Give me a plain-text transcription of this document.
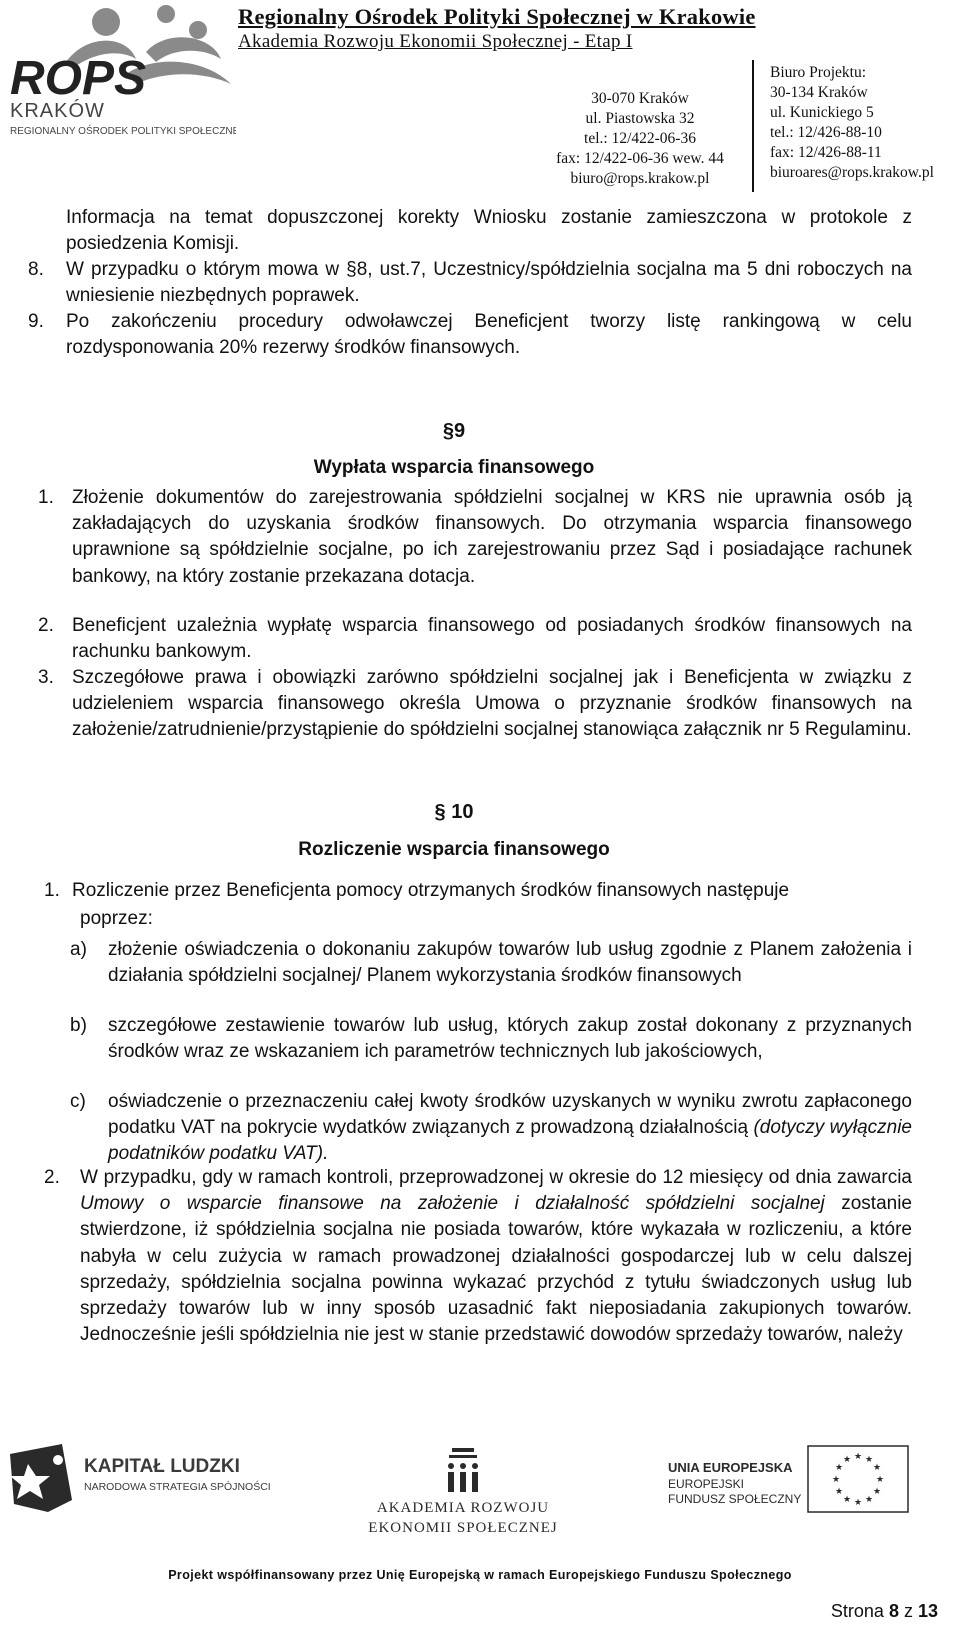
ROPS
KRAKÓW
REGIONALNY OŚRODEK POLITYKI SPOŁECZNEJ
Regionalny Ośrodek Polityki Społecznej w Krakowie
Akademia Rozwoju Ekonomii Społecznej - Etap I
30-070 Kraków
ul. Piastowska 32
tel.: 12/422-06-36
fax: 12/422-06-36 wew. 44
biuro@rops.krakow.pl
Biuro Projektu:
30-134 Kraków
ul. Kunickiego 5
tel.: 12/426-88-10
fax: 12/426-88-11
biuroares@rops.krakow.pl
Informacja na temat dopuszczonej korekty Wniosku zostanie zamieszczona w protokole z posiedzenia Komisji.
8. W przypadku o którym mowa w §8, ust.7, Uczestnicy/spółdzielnia socjalna ma 5 dni roboczych na wniesienie niezbędnych poprawek.
9. Po zakończeniu procedury odwoławczej Beneficjent tworzy listę rankingową w celu rozdysponowania 20% rezerwy środków finansowych.
§9
Wypłata wsparcia finansowego
1. Złożenie dokumentów do zarejestrowania spółdzielni socjalnej w KRS nie uprawnia osób ją zakładających do uzyskania środków finansowych. Do otrzymania wsparcia finansowego uprawnione są spółdzielnie socjalne, po ich zarejestrowaniu przez Sąd i posiadające rachunek bankowy, na który zostanie przekazana dotacja.
2. Beneficjent uzależnia wypłatę wsparcia finansowego od posiadanych środków finansowych na rachunku bankowym.
3. Szczegółowe prawa i obowiązki zarówno spółdzielni socjalnej jak i Beneficjenta w związku z udzieleniem wsparcia finansowego określa Umowa o przyznanie środków finansowych na założenie/zatrudnienie/przystąpienie do spółdzielni socjalnej stanowiąca załącznik nr 5 Regulaminu.
§ 10
Rozliczenie wsparcia finansowego
1. Rozliczenie przez Beneficjenta pomocy otrzymanych środków finansowych następuje
poprzez:
a) złożenie oświadczenia o dokonaniu zakupów towarów lub usług zgodnie z Planem założenia i działania spółdzielni socjalnej/ Planem wykorzystania środków finansowych
b) szczegółowe zestawienie towarów lub usług, których zakup został dokonany z przyznanych środków wraz ze wskazaniem ich parametrów technicznych lub jakościowych,
c) oświadczenie o przeznaczeniu całej kwoty środków uzyskanych w wyniku zwrotu zapłaconego podatku VAT na pokrycie wydatków związanych z prowadzoną działalnością (dotyczy wyłącznie podatników podatku VAT).
2. W przypadku, gdy w ramach kontroli, przeprowadzonej w okresie do 12 miesięcy od dnia zawarcia Umowy o wsparcie finansowe na założenie i działalność spółdzielni socjalnej zostanie stwierdzone, iż spółdzielnia socjalna nie posiada towarów, które wykazała w rozliczeniu, a które nabyła w celu zużycia w ramach prowadzonej działalności gospodarczej lub w celu dalszej sprzedaży, spółdzielnia socjalna powinna wykazać przychód z tytułu świadczonych usług lub sprzedaży towarów lub w inny sposób uzasadnić fakt nieposiadania zakupionych towarów. Jednocześnie jeśli spółdzielnia nie jest w stanie przedstawić dowodów sprzedaży towarów, należy
KAPITAŁ LUDZKI
NARODOWA STRATEGIA SPÓJNOŚCI
AKADEMIA ROZWOJU
EKONOMII SPOŁECZNEJ
UNIA EUROPEJSKA
EUROPEJSKI
FUNDUSZ SPOŁECZNY
★ ★
★
★
★
★
★
★
★
★
★
★
Projekt współfinansowany przez Unię Europejską w ramach Europejskiego Funduszu Społecznego
Strona 8 z 13
